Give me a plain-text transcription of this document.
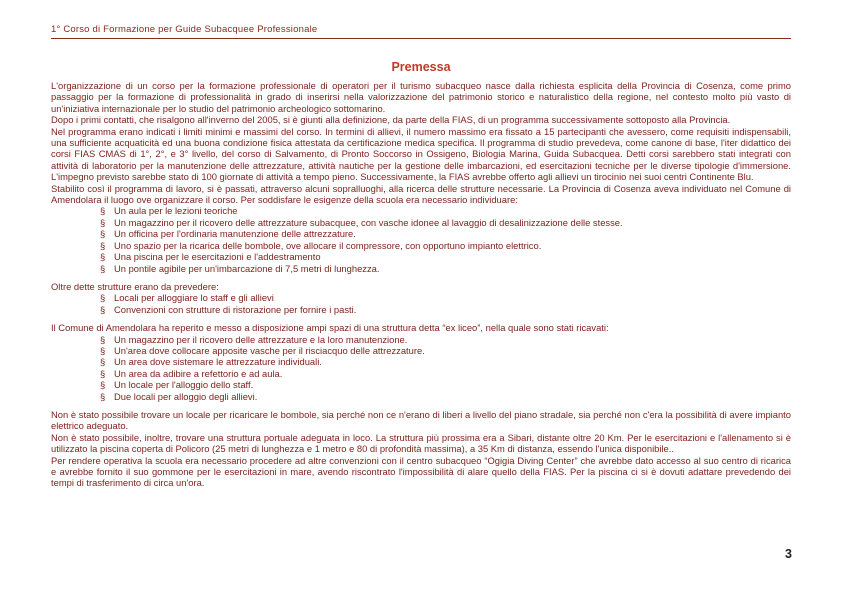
1° Corso di Formazione per Guide Subacquee Professionale
Premessa

L'organizzazione di un corso per la formazione professionale di operatori per il turismo subacqueo nasce dalla richiesta esplicita della Provincia di Cosenza, come primo passaggio per la formazione di professionalità in grado di inserirsi nella valorizzazione del patrimonio storico e naturalistico della regione, nel contesto molto più vasto di un'iniziativa internazionale per lo studio del patrimonio archeologico sottomarino.

Dopo i primi contatti, che risalgono all'inverno del 2005, si è giunti alla definizione, da parte della FIAS, di un programma successivamente sottoposto alla Provincia.

Nel programma erano indicati i limiti minimi e massimi del corso. In termini di allievi, il numero massimo era fissato a 15 partecipanti che avessero, come requisiti indispensabili, una sufficiente acquaticità ed una buona condizione fisica attestata da certificazione medica specifica. Il programma di studio prevedeva, come canone di base, l'iter didattico dei corsi FIAS CMAS di 1°, 2°, e 3° livello, del corso di Salvamento, di Pronto Soccorso in Ossigeno, Biologia Marina, Guida Subacquea. Detti corsi sarebbero stati integrati con attività di laboratorio per la manutenzione delle attrezzature, attività nautiche per la gestione delle imbarcazioni, ed esercitazioni tecniche per le diverse tipologie d'immersione. L'impegno previsto sarebbe stato di 100 giornate di attività a tempo pieno. Successivamente, la FIAS avrebbe offerto agli allievi un tirocinio nei suoi centri Continente Blu.

Stabilito così il programma di lavoro, si è passati, attraverso alcuni sopralluoghi, alla ricerca delle strutture necessarie. La Provincia di Cosenza aveva individuato nel Comune di Amendolara il luogo ove organizzare il corso. Per soddisfare le esigenze della scuola era necessario individuare:

§ Un aula per le lezioni teoriche
§ Un magazzino per il ricovero delle attrezzature subacquee, con vasche idonee al lavaggio di desalinizzazione delle stesse.
§ Un officina per l'ordinaria manutenzione delle attrezzature.
§ Uno spazio per la ricarica delle bombole, ove allocare il compressore, con opportuno impianto elettrico.
§ Una piscina per le esercitazioni e l'addestramento
§ Un pontile agibile per un'imbarcazione di 7,5 metri di lunghezza.

Oltre dette strutture erano da prevedere:

§ Locali per alloggiare lo staff e gli allievi
§ Convenzioni con strutture di ristorazione per fornire i pasti.

Il Comune di Amendolara ha reperito e messo a disposizione ampi spazi di una struttura detta “ex liceo”, nella quale sono stati ricavati:

§ Un magazzino per il ricovero delle attrezzature e la loro manutenzione.
§ Un'area dove collocare apposite vasche per il risciacquo delle attrezzature.
§ Un area dove sistemare le attrezzature individuali.
§ Un area da adibire a refettorio e ad aula.
§ Un locale per l'alloggio dello staff.
§ Due locali per alloggio degli allievi.

Non è stato possibile trovare un locale per ricaricare le bombole, sia perché non ce n'erano di liberi a livello del piano stradale, sia perché non c'era la possibilità di avere impianto elettrico adeguato.

Non è stato possibile, inoltre, trovare una struttura portuale adeguata in loco. La struttura più prossima era a Sibari, distante oltre 20 Km. Per le esercitazioni e l'allenamento si è utilizzato la piscina coperta di Policoro (25 metri di lunghezza e 1 metro e 80 di profondità massima), a 35 Km di distanza, essendo l'unica disponibile..

Per rendere operativa la scuola era necessario procedere ad altre convenzioni con il centro subacqueo “Ogigia Diving Center” che avrebbe dato accesso al suo centro di ricarica e avrebbe fornito il suo gommone per le esercitazioni in mare, avendo riscontrato l'impossibilità di alare quello della FIAS. Per la piscina ci si è dovuti adattare prevedendo dei tempi di trasferimento di circa un'ora.

3
